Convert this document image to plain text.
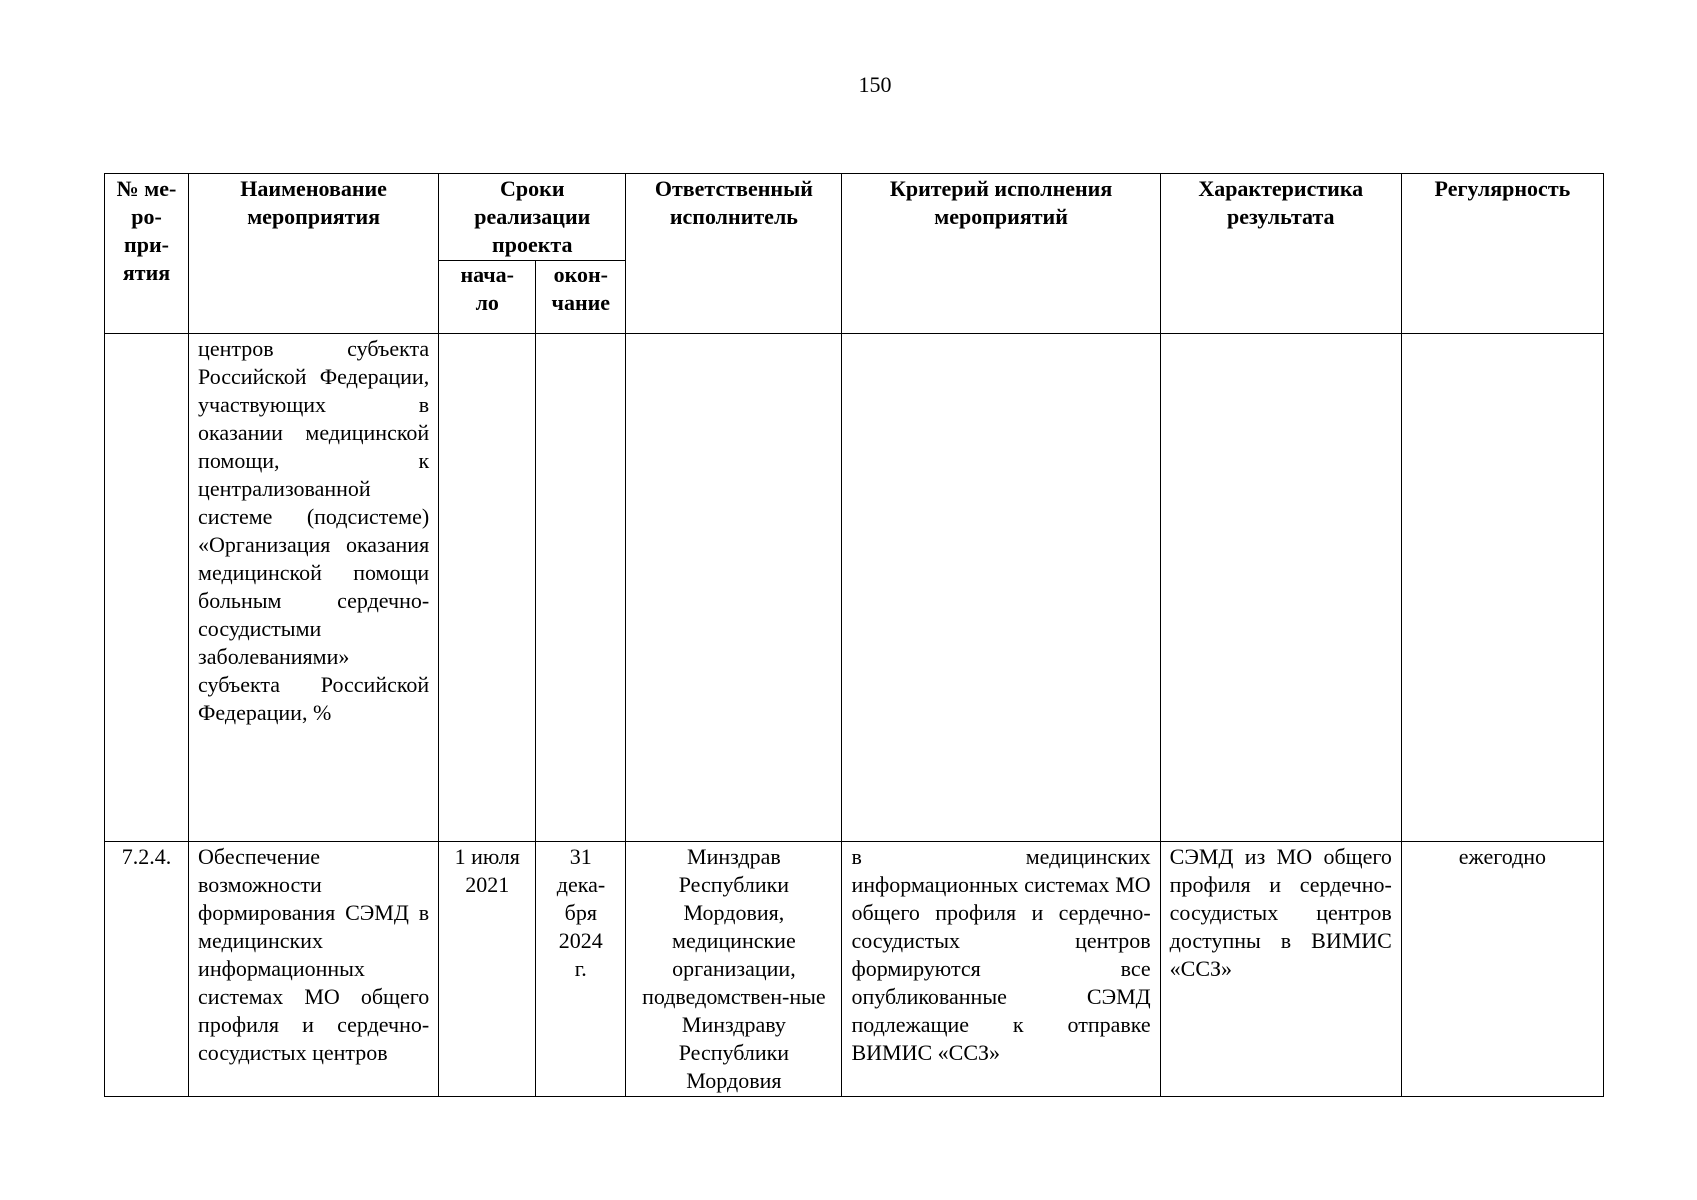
150
№ ме-ро-при-ятия	Наименование мероприятия	Сроки реализации проекта		Ответственный исполнитель	Критерий исполнения мероприятий	Характеристика результата	Регулярность

		нача-ло	окон-чание				

	центров субъекта Российской Федерации, участвующих в оказании медицинской помощи, к централизованной системе (подсистеме) «Организация оказания медицинской помощи больным сердечно-сосудистыми заболеваниями» субъекта Российской Федерации, %						
7.2.4.	Обеспечение возможности формирования СЭМД в медицинских информационных системах МО общего профиля и сердечно-сосудистых центров	1 июля 2021	31 дека-бря 2024 г.	Минздрав Республики Мордовия, медицинские организации, подведомствен-ные Минздраву Республики Мордовия	в медицинских информационных системах МО общего профиля и сердечно-сосудистых центров формируются все опубликованные СЭМД подлежащие к отправке ВИМИС «ССЗ»	СЭМД из МО общего профиля и сердечно-сосудистых центров доступны в ВИМИС «ССЗ»	ежегодно
